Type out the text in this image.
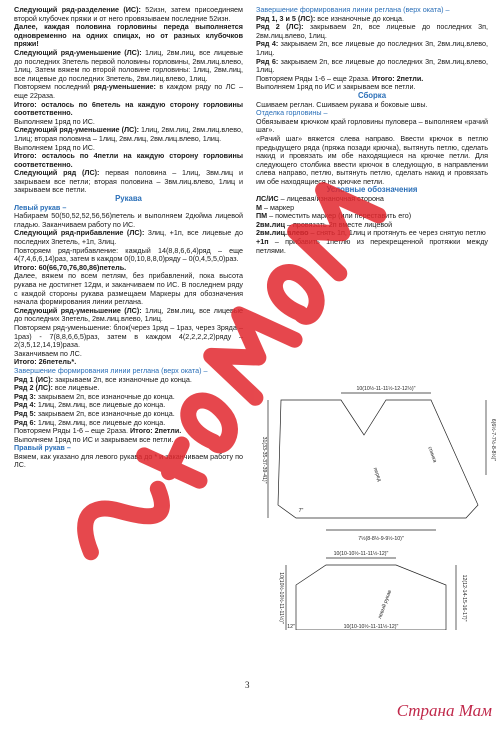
Следующий ряд-разделение (ИС): 52изн, затем присоединяем второй клубочек пряжи и от него провязываем последние 52изн.

Далее, каждая половина горловины переда выполняется одновременно на одних спицах, но от разных клубочков пряжи!

Следующий ряд-уменьшение (ЛС): 1лиц, 2вм.лиц, все лицевые до последних 3петель первой половины горловины, 2вм.лиц.влево, 1лиц. Затем вяжем по второй половине горловины: 1лиц, 2вм.лиц, все лицевые до последних 3петель, 2вм.лиц.влево, 1лиц.

Повторяем последний ряд-уменьшение: в каждом ряду по ЛС – еще 22раза.

Итого: осталось по 6петель на каждую сторону горловины соответственно.

Выполняем 1ряд по ИС.

Следующий ряд-уменьшение (ЛС): 1лиц, 2вм.лиц, 2вм.лиц.влево, 1лиц; вторая половина – 1лиц, 2вм.лиц, 2вм.лиц.влево, 1лиц.

Выполняем 1ряд по ИС.

Итого: осталось по 4петли на каждую сторону горловины соответственно.

Следующий ряд (ЛС): первая половина – 1лиц, 3вм.лиц и закрываем все петли; вторая половина – 3вм.лиц.влево, 1лиц и закрываем все петли.

Рукава

Левый рукав –

Набираем 50(50,52,52,56,56)петель и выполняем 2дюйма лицевой гладью. Заканчиваем работу по ИС.

Следующий ряд-прибавление (ЛС): 3лиц, +1п, все лицевые до последних 3петель, +1п, 3лиц.

Повторяем ряд-прибавление: каждый 14(8,8,6,6,4)ряд – еще 4(7,4,6,6,14)раз, затем в каждом 0(0,10,8,8,0)ряду – 0(0,4,5,5,0)раз.

Итого: 60(66,70,76,80,86)петель.

Далее, вяжем по всем петлям, без прибавлений, пока высота рукава не достигнет 12дм, и заканчиваем по ИС. В последнем ряду с каждой стороны рукава размещаем Маркеры для обозначения начала формирования линии реглана.

Следующий ряд-уменьшение (ЛС): 1лиц, 2вм.лиц, все лицевые до последних 3петель, 2вм.лиц.влево, 1лиц.

Повторяем ряд-уменьшение: блок(через 1ряд – 1раз, через 3ряда – 1раз) - 7(8,8,6,6,5)раз, затем в каждом 4(2,2,2,2,2)ряду – 2(3,5,12,14,19)раза.

Заканчиваем по ЛС.

Итого: 26петель*.

Завершение формирования линии реглана (верх оката) –

Ряд 1 (ИС): закрываем 2п, все изнаночные до конца.

Ряд 2 (ЛС): все лицевые.

Ряд 3: закрываем 2п, все изнаночные до конца.

Ряд 4: 1лиц, 2вм.лиц, все лицевые до конца.

Ряд 5: закрываем 2п, все изнаночные до конца.

Ряд 6: 1лиц, 2вм.лиц, все лицевые до конца.

Повторяем Ряды 1-6 – еще 2раза. Итого: 2петли.

Выполняем 1ряд по ИС и закрываем все петли.

Правый рукав –

Вяжем, как указано для левого рукава до * и заканчиваем работу по ЛС.

Завершение формирования линии реглана (верх оката) –

Ряд 1, 3 и 5 (ЛС): все изнаночные до конца.

Ряд 2 (ЛС): закрываем 2п, все лицевые до последних 3п, 2вм.лиц.влево, 1лиц.

Ряд 4: закрываем 2п, все лицевые до последних 3п, 2вм.лиц.влево, 1лиц.

Ряд 6: закрываем 2п, все лицевые до последних 3п, 2вм.лиц.влево, 1лиц.

Повторяем Ряды 1-6 – еще 2раза. Итого: 2петли.

Выполняем 1ряд по ИС и закрываем все петли.

Сборка

Сшиваем реглан. Сшиваем рукава и боковые швы.

Отделка горловины –

Обвязываем крючком край горловины пуловера – выполняем «рачий шаг».

«Рачий шаг» вяжется слева направо. Ввести крючок в петлю предыдущего ряда (пряжа позади крючка), вытянуть петлю, сделать накид и провязать им обе находящиеся на крючке петли. Для следующего столбика ввести крючок в следующую, в направлении слева направо, петлю, вытянуть петлю, сделать накид и провязать им обе находящиеся на крючке петли.

Условные обозначения

ЛС/ИС – лицевая/изнаночная сторона

М – маркер

ПМ – поместить маркер (или переставить его)

2вм.лиц – провязать 2п вместе лицевой

2вм.лиц.влево – снять 1п, 1лиц и протянуть ее через снятую петлю

+1п – прибавить 1петлю из перекрещенной протяжки между петлями.

перед
спинка
10(10½-11-11½-12-12½)"
6(6½-7-7½-8-8½)"
31(33-35-37-39-41)"
7"
7½(8-8½-9-9½-10)"
10(10-10½-11-11½-12)"
левый рукав	12(12-14-15-16-17)"
10(10½-10½-11-11½)"
10(10-10½-11-11½-12)"
12"
3
Страна Мам
